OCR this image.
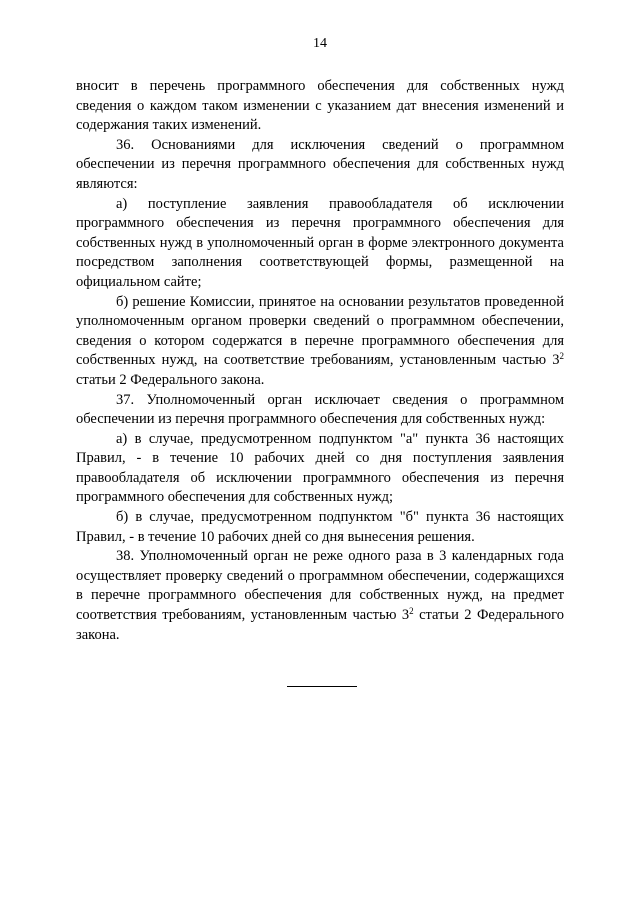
14

вносит в перечень программного обеспечения для собственных нужд сведения о каждом таком изменении с указанием дат внесения изменений и содержания таких изменений.

36. Основаниями для исключения сведений о программном обеспечении из перечня программного обеспечения для собственных нужд являются:

а) поступление заявления правообладателя об исключении программного обеспечения из перечня программного обеспечения для собственных нужд в уполномоченный орган в форме электронного документа посредством заполнения соответствующей формы, размещенной на официальном сайте;

б) решение Комиссии, принятое на основании результатов проведенной уполномоченным органом проверки сведений о программном обеспечении, сведения о котором содержатся в перечне программного обеспечения для собственных нужд, на соответствие требованиям, установленным частью $3^2$ статьи 2 Федерального закона.

37. Уполномоченный орган исключает сведения о программном обеспечении из перечня программного обеспечения для собственных нужд:

а) в случае, предусмотренном подпунктом "а" пункта 36 настоящих Правил, - в течение 10 рабочих дней со дня поступления заявления правообладателя об исключении программного обеспечения из перечня программного обеспечения для собственных нужд;

б) в случае, предусмотренном подпунктом "б" пункта 36 настоящих Правил, - в течение 10 рабочих дней со дня вынесения решения.

38. Уполномоченный орган не реже одного раза в 3 календарных года осуществляет проверку сведений о программном обеспечении, содержащихся в перечне программного обеспечения для собственных нужд, на предмет соответствия требованиям, установленным частью $3^2$ статьи 2 Федерального закона.
